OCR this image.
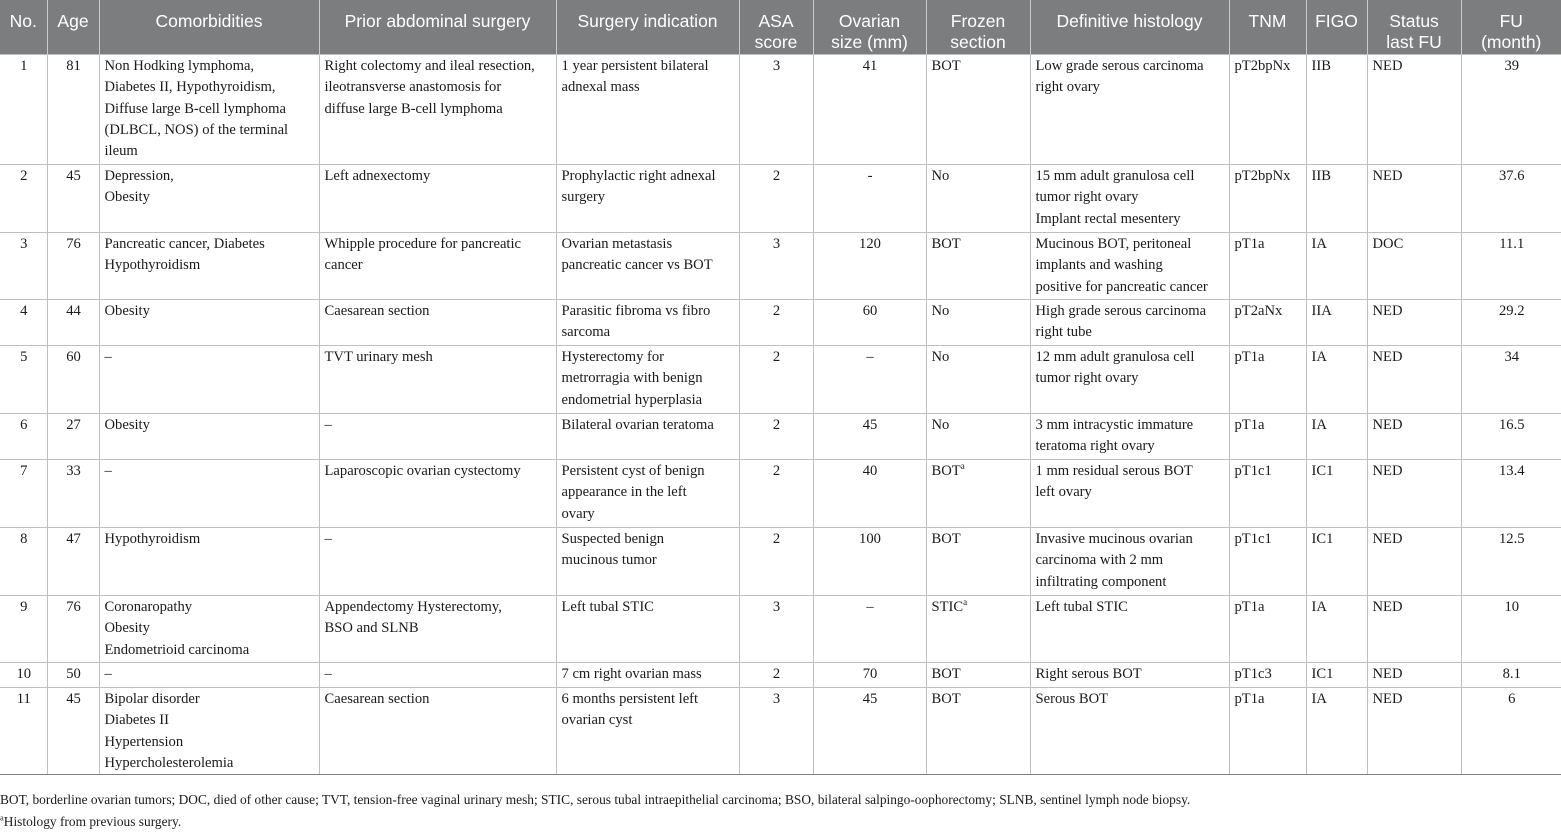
No.	Age	Comorbidities	Prior abdominal surgery	Surgery indication	ASA
score	Ovarian
size (mm)	Frozen
section	Definitive histology	TNM	FIGO	Status
last FU	FU
(month)

1	81	Non Hodking lymphoma,
Diabetes II, Hypothyroidism,
Diffuse large B-cell lymphoma
(DLBCL, NOS) of the terminal
ileum	Right colectomy and ileal resection,
ileotransverse anastomosis for
diffuse large B-cell lymphoma	1 year persistent bilateral
adnexal mass	3	41	BOT	Low grade serous carcinoma
right ovary	pT2bpNx	IIB	NED	39
2	45	Depression,
Obesity	Left adnexectomy	Prophylactic right adnexal
surgery	2	-	No	15 mm adult granulosa cell
tumor right ovary
Implant rectal mesentery	pT2bpNx	IIB	NED	37.6
3	76	Pancreatic cancer, Diabetes
Hypothyroidism	Whipple procedure for pancreatic
cancer	Ovarian metastasis
pancreatic cancer vs BOT	3	120	BOT	Mucinous BOT, peritoneal
implants and washing
positive for pancreatic cancer	pT1a	IA	DOC	11.1
4	44	Obesity	Caesarean section	Parasitic fibroma vs fibro
sarcoma	2	60	No	High grade serous carcinoma
right tube	pT2aNx	IIA	NED	29.2
5	60	–	TVT urinary mesh	Hysterectomy for
metrorragia with benign
endometrial hyperplasia	2	–	No	12 mm adult granulosa cell
tumor right ovary	pT1a	IA	NED	34
6	27	Obesity	–	Bilateral ovarian teratoma	2	45	No	3 mm intracystic immature
teratoma right ovary	pT1a	IA	NED	16.5
7	33	–	Laparoscopic ovarian cystectomy	Persistent cyst of benign
appearance in the left
ovary	2	40	BOT$^a$	1 mm residual serous BOT
left ovary	pT1c1	IC1	NED	13.4
8	47	Hypothyroidism	–	Suspected benign
mucinous tumor	2	100	BOT	Invasive mucinous ovarian
carcinoma with 2 mm
infiltrating component	pT1c1	IC1	NED	12.5
9	76	Coronaropathy
Obesity
Endometrioid carcinoma	Appendectomy Hysterectomy,
BSO and SLNB	Left tubal STIC	3	–	STIC$^a$	Left tubal STIC	pT1a	IA	NED	10
10	50	–	–	7 cm right ovarian mass	2	70	BOT	Right serous BOT	pT1c3	IC1	NED	8.1
11	45	Bipolar disorder
Diabetes II
Hypertension
Hypercholesterolemia	Caesarean section	6 months persistent left
ovarian cyst	3	45	BOT	Serous BOT	pT1a	IA	NED	6
BOT, borderline ovarian tumors; DOC, died of other cause; TVT, tension-free vaginal urinary mesh; STIC, serous tubal intraepithelial carcinoma; BSO, bilateral salpingo-oophorectomy; SLNB, sentinel lymph node biopsy.
$^a$Histology from previous surgery.
